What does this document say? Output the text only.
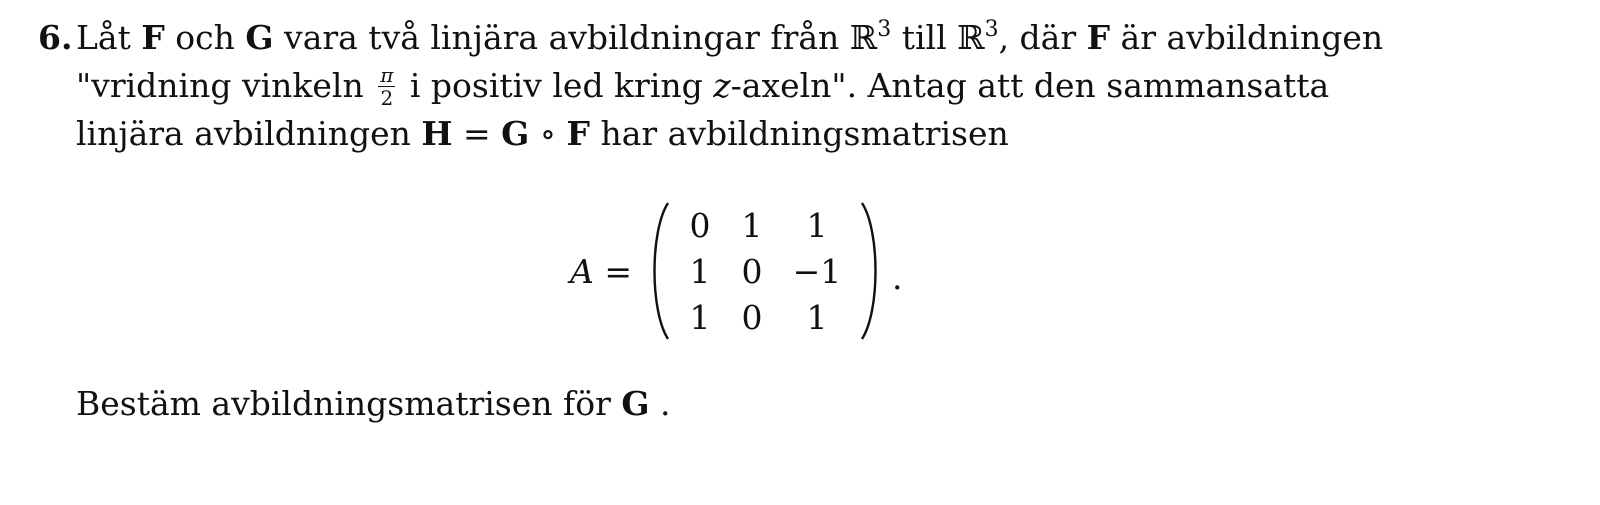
6. Låt F och G vara två linjära avbildningar från ℝ$^3$ till ℝ$^3$, där F är avbildningen
"vridning vinkeln $\frac{\pi}{2}$ i positiv led kring z-axeln". Antag att den sammansatta
linjära avbildningen H = G ∘ F har avbildningsmatrisen
A =
0 1 1
1 0 −1
1 0 1
.
Bestäm avbildningsmatrisen för G .
